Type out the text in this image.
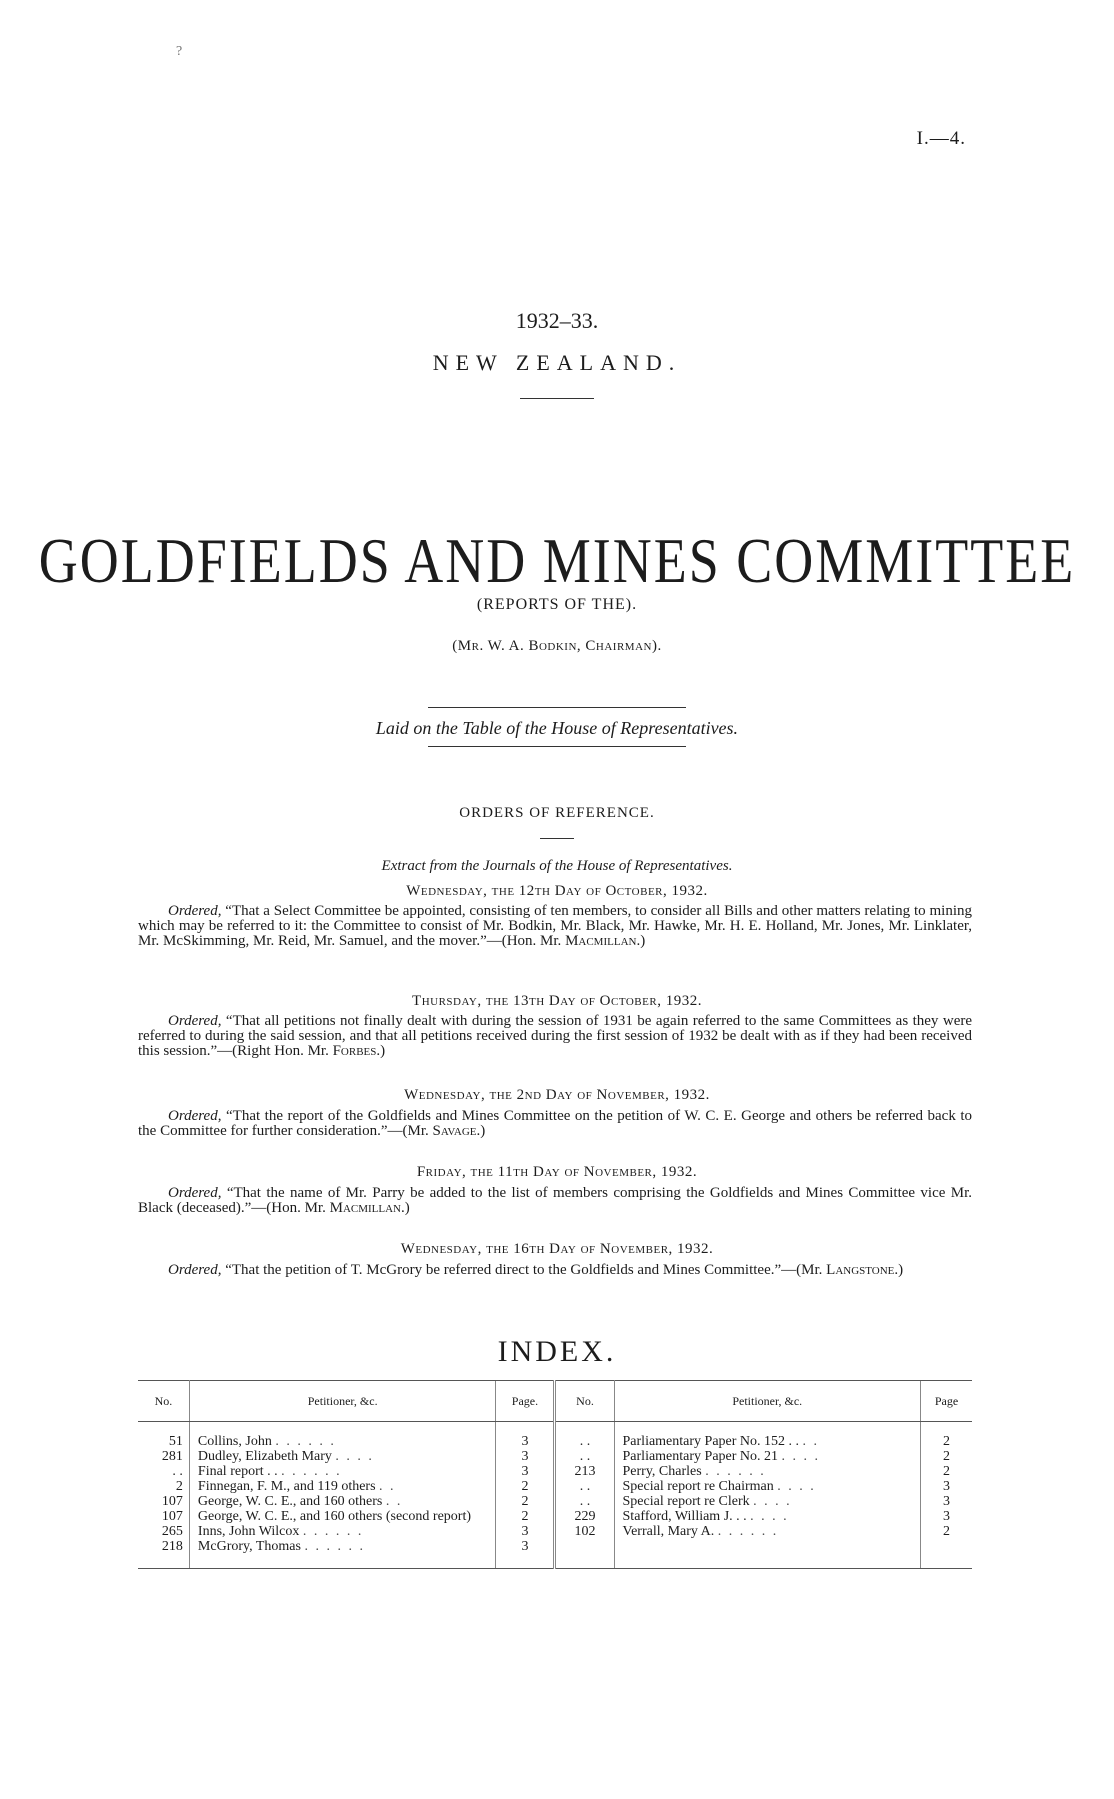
?
I.—4.
1932–33.
NEW ZEALAND.
GOLDFIELDS AND MINES COMMITTEE
(REPORTS OF THE).
(Mr. W. A. Bodkin, Chairman).
Laid on the Table of the House of Representatives.
ORDERS OF REFERENCE.
Extract from the Journals of the House of Representatives.
Wednesday, the 12th Day of October, 1932.
Ordered, “That a Select Committee be appointed, consisting of ten members, to consider all Bills and other matters relating to mining which may be referred to it: the Committee to consist of Mr. Bodkin, Mr. Black, Mr. Hawke, Mr. H. E. Holland, Mr. Jones, Mr. Linklater, Mr. McSkimming, Mr. Reid, Mr. Samuel, and the mover.”—(Hon. Mr. Macmillan.)
Thursday, the 13th Day of October, 1932.
Ordered, “That all petitions not finally dealt with during the session of 1931 be again referred to the same Committees as they were referred to during the said session, and that all petitions received during the first session of 1932 be dealt with as if they had been received this session.”—(Right Hon. Mr. Forbes.)
Wednesday, the 2nd Day of November, 1932.
Ordered, “That the report of the Goldfields and Mines Committee on the petition of W. C. E. George and others be referred back to the Committee for further consideration.”—(Mr. Savage.)
Friday, the 11th Day of November, 1932.
Ordered, “That the name of Mr. Parry be added to the list of members comprising the Goldfields and Mines Committee vice Mr. Black (deceased).”—(Hon. Mr. Macmillan.)
Wednesday, the 16th Day of November, 1932.
Ordered, “That the petition of T. McGrory be referred direct to the Goldfields and Mines Committee.”—(Mr. Langstone.)
INDEX.
No.	Petitioner, &c.	Page.	No.	Petitioner, &c.	Page

51	Collins, John . . . . . .	3	. .	Parliamentary Paper No. 152 . . . .	2
281	Dudley, Elizabeth Mary . . . .	3	. .	Parliamentary Paper No. 21 . . . .	2
. .	Final report . . . . . . . .	3	213	Perry, Charles . . . . . .	2
2	Finnegan, F. M., and 119 others . .	2	. .	Special report re Chairman . . . .	3
107	George, W. C. E., and 160 others . .	2	. .	Special report re Clerk . . . .	3
107	George, W. C. E., and 160 others (second report)	2	229	Stafford, William J. . . . . . .	3
265	Inns, John Wilcox . . . . . .	3	102	Verrall, Mary A. . . . . . .	2
218	McGrory, Thomas . . . . . .	3			
